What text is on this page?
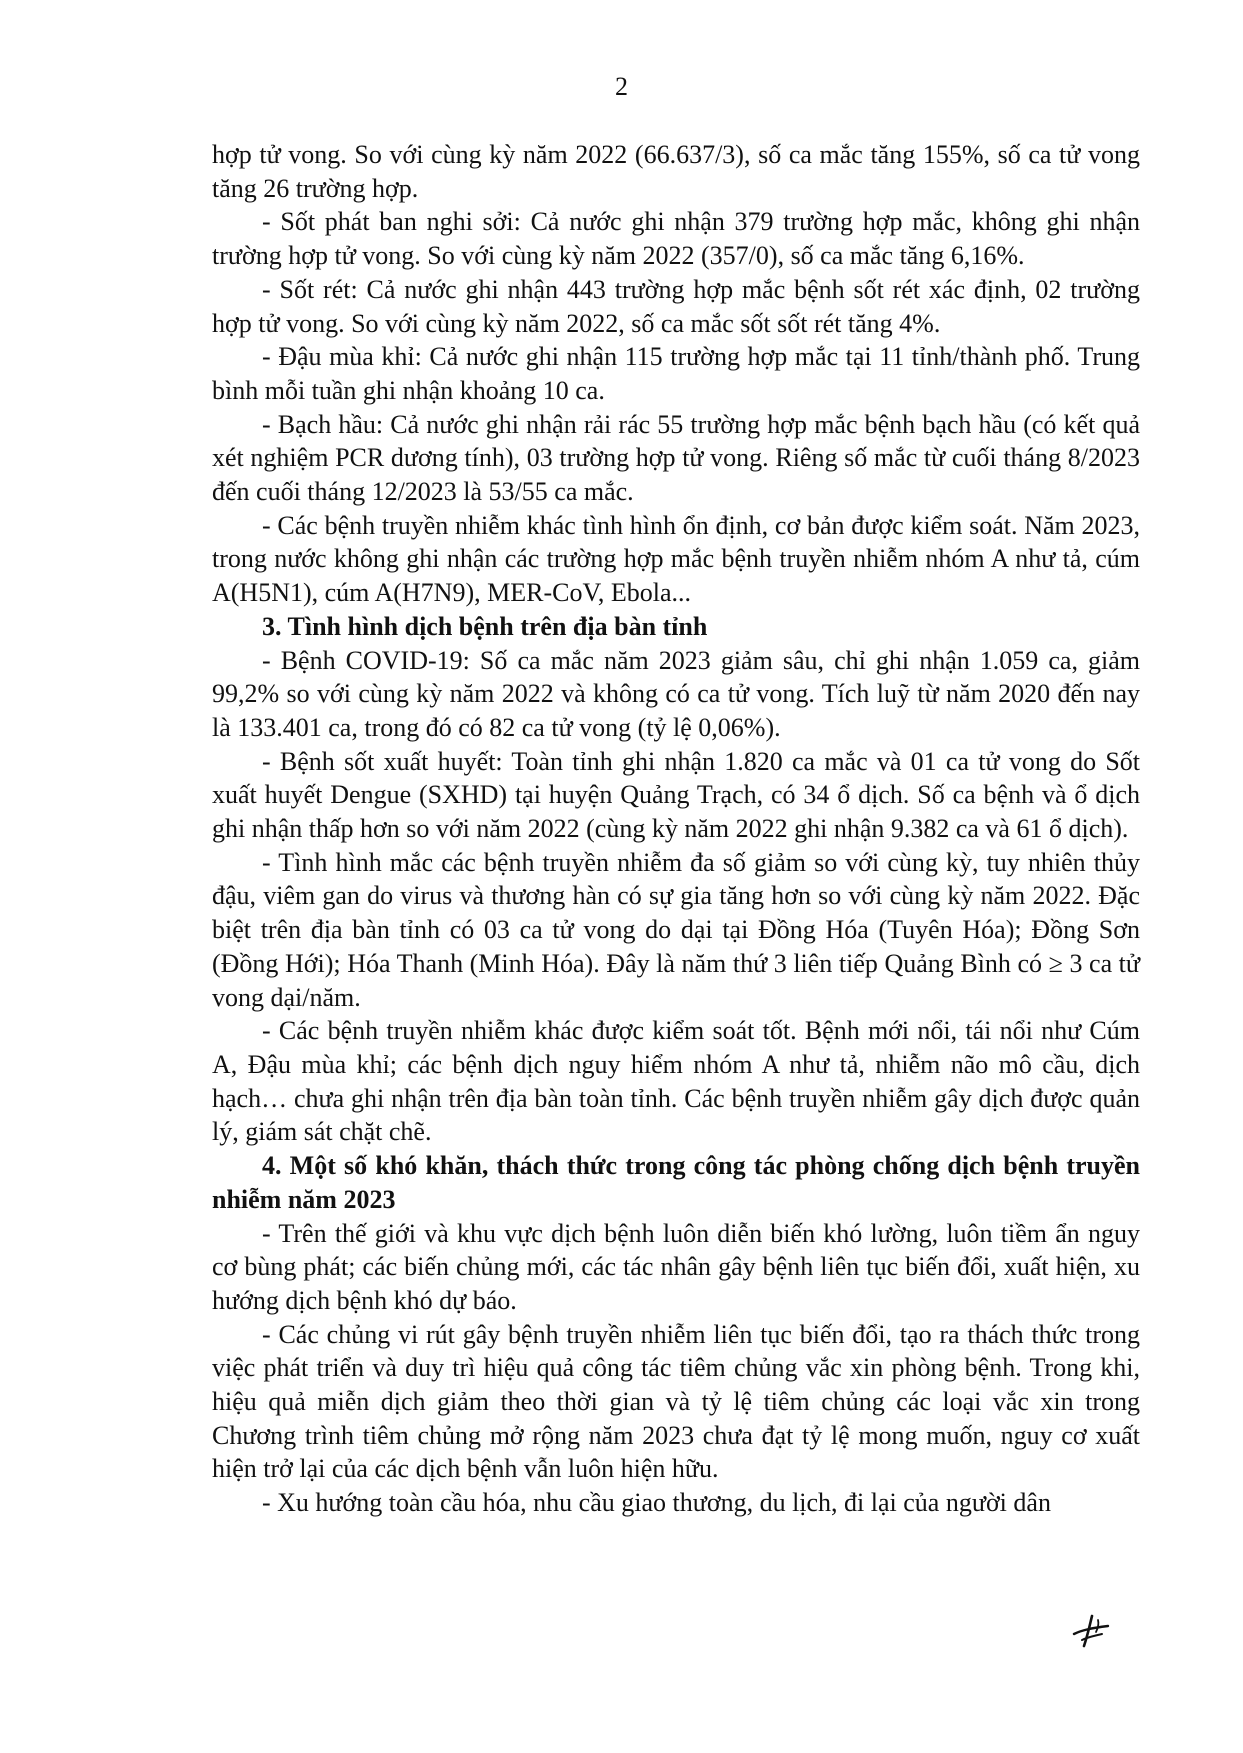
2

hợp tử vong. So với cùng kỳ năm 2022 (66.637/3), số ca mắc tăng 155%, số ca tử vong tăng 26 trường hợp.

- Sốt phát ban nghi sởi: Cả nước ghi nhận 379 trường hợp mắc, không ghi nhận trường hợp tử vong. So với cùng kỳ năm 2022 (357/0), số ca mắc tăng 6,16%.

- Sốt rét: Cả nước ghi nhận 443 trường hợp mắc bệnh sốt rét xác định, 02 trường hợp tử vong. So với cùng kỳ năm 2022, số ca mắc sốt sốt rét tăng 4%.

- Đậu mùa khỉ: Cả nước ghi nhận 115 trường hợp mắc tại 11 tỉnh/thành phố. Trung bình mỗi tuần ghi nhận khoảng 10 ca.

- Bạch hầu: Cả nước ghi nhận rải rác 55 trường hợp mắc bệnh bạch hầu (có kết quả xét nghiệm PCR dương tính), 03 trường hợp tử vong. Riêng số mắc từ cuối tháng 8/2023 đến cuối tháng 12/2023 là 53/55 ca mắc.

- Các bệnh truyền nhiễm khác tình hình ổn định, cơ bản được kiểm soát. Năm 2023, trong nước không ghi nhận các trường hợp mắc bệnh truyền nhiễm nhóm A như tả, cúm A(H5N1), cúm A(H7N9), MER-CoV, Ebola...

3. Tình hình dịch bệnh trên địa bàn tỉnh

- Bệnh COVID-19: Số ca mắc năm 2023 giảm sâu, chỉ ghi nhận 1.059 ca, giảm 99,2% so với cùng kỳ năm 2022 và không có ca tử vong. Tích luỹ từ năm 2020 đến nay là 133.401 ca, trong đó có 82 ca tử vong (tỷ lệ 0,06%).

- Bệnh sốt xuất huyết: Toàn tỉnh ghi nhận 1.820 ca mắc và 01 ca tử vong do Sốt xuất huyết Dengue (SXHD) tại huyện Quảng Trạch, có 34 ổ dịch. Số ca bệnh và ổ dịch ghi nhận thấp hơn so với năm 2022 (cùng kỳ năm 2022 ghi nhận 9.382 ca và 61 ổ dịch).

- Tình hình mắc các bệnh truyền nhiễm đa số giảm so với cùng kỳ, tuy nhiên thủy đậu, viêm gan do virus và thương hàn có sự gia tăng hơn so với cùng kỳ năm 2022. Đặc biệt trên địa bàn tỉnh có 03 ca tử vong do dại tại Đồng Hóa (Tuyên Hóa); Đồng Sơn (Đồng Hới); Hóa Thanh (Minh Hóa). Đây là năm thứ 3 liên tiếp Quảng Bình có ≥ 3 ca tử vong dại/năm.

- Các bệnh truyền nhiễm khác được kiểm soát tốt. Bệnh mới nổi, tái nổi như Cúm A, Đậu mùa khỉ; các bệnh dịch nguy hiểm nhóm A như tả, nhiễm não mô cầu, dịch hạch… chưa ghi nhận trên địa bàn toàn tỉnh. Các bệnh truyền nhiễm gây dịch được quản lý, giám sát chặt chẽ.

4. Một số khó khăn, thách thức trong công tác phòng chống dịch bệnh truyền nhiễm năm 2023

- Trên thế giới và khu vực dịch bệnh luôn diễn biến khó lường, luôn tiềm ẩn nguy cơ bùng phát; các biến chủng mới, các tác nhân gây bệnh liên tục biến đổi, xuất hiện, xu hướng dịch bệnh khó dự báo.

- Các chủng vi rút gây bệnh truyền nhiễm liên tục biến đổi, tạo ra thách thức trong việc phát triển và duy trì hiệu quả công tác tiêm chủng vắc xin phòng bệnh. Trong khi, hiệu quả miễn dịch giảm theo thời gian và tỷ lệ tiêm chủng các loại vắc xin trong Chương trình tiêm chủng mở rộng năm 2023 chưa đạt tỷ lệ mong muốn, nguy cơ xuất hiện trở lại của các dịch bệnh vẫn luôn hiện hữu.

- Xu hướng toàn cầu hóa, nhu cầu giao thương, du lịch, đi lại của người dân
